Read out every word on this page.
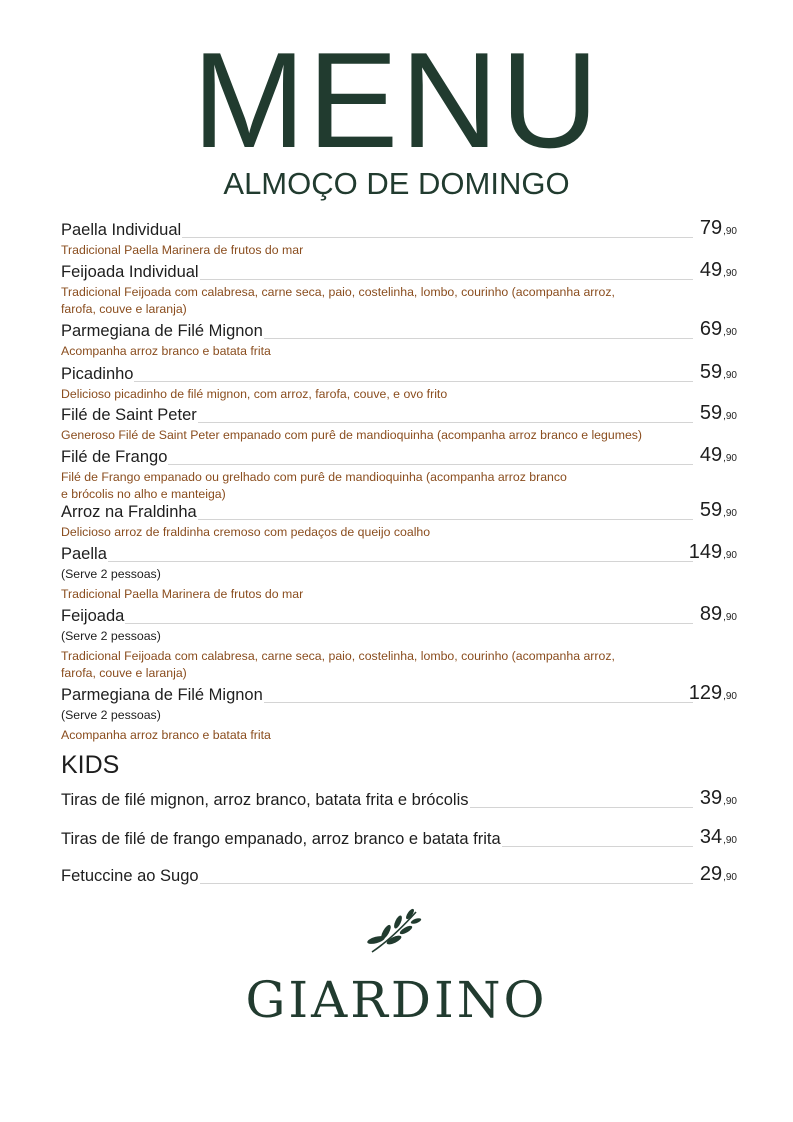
MENU
ALMOÇO DE DOMINGO
Paella Individual	79,90
Tradicional Paella Marinera de frutos do mar
Feijoada Individual	49,90
Tradicional Feijoada com calabresa, carne seca, paio, costelinha, lombo, courinho (acompanha arroz,
farofa, couve e laranja)
Parmegiana de Filé Mignon	69,90
Acompanha arroz branco e batata frita
Picadinho	59,90
Delicioso picadinho de filé mignon, com arroz, farofa, couve, e ovo frito
Filé de Saint Peter	59,90
Generoso Filé de Saint Peter empanado com purê de mandioquinha (acompanha arroz branco e legumes)
Filé de Frango	49,90
Filé de Frango empanado ou grelhado com purê de mandioquinha (acompanha arroz branco
e brócolis no alho e manteiga)
Arroz na Fraldinha	59,90
Delicioso arroz de fraldinha cremoso com pedaços de queijo coalho
Paella	149,90
(Serve 2 pessoas)
Tradicional Paella Marinera de frutos do mar
Feijoada	89,90
(Serve 2 pessoas)
Tradicional Feijoada com calabresa, carne seca, paio, costelinha, lombo, courinho (acompanha arroz,
farofa, couve e laranja)
Parmegiana de Filé Mignon	129,90
(Serve 2 pessoas)
Acompanha arroz branco e batata frita
KIDS
Tiras de filé mignon, arroz branco, batata frita e brócolis	39,90
Tiras de filé de frango empanado, arroz branco e batata frita	34,90
Fetuccine ao Sugo	29,90
GIARDINO
